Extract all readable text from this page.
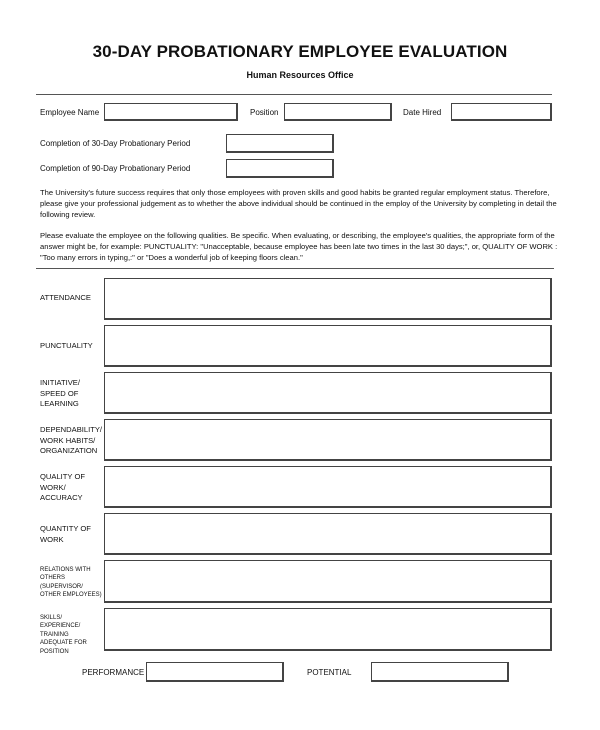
30-DAY PROBATIONARY EMPLOYEE EVALUATION
Human Resources Office
Employee Name	Position	Date Hired
Completion of 30-Day Probationary Period
Completion of 90-Day Probationary Period
The University's future success requires that only those employees with proven skills and good habits be granted regular employment status. Therefore, please give your professional judgement as to whether the above individual should be continued in the employ of the University by completing in detail the following review.
Please evaluate the employee on the following qualities. Be specific. When evaluating, or describing, the employee's qualities, the appropriate form of the answer might be, for example: PUNCTUALITY: "Unacceptable, because employee has been late two times in the last 30 days;", or, QUALITY OF WORK : "Too many errors in typing,:" or "Does a wonderful job of keeping floors clean."
ATTENDANCE
PUNCTUALITY
INITIATIVE/ SPEED OF LEARNING
DEPENDABILITY/ WORK HABITS/ ORGANIZATION
QUALITY OF WORK/ ACCURACY
QUANTITY OF WORK
RELATIONS WITH OTHERS (SUPERVISOR/ OTHER EMPLOYEES)
SKILLS/ EXPERIENCE/ TRAINING ADEQUATE FOR POSITION
PERFORMANCE	POTENTIAL
